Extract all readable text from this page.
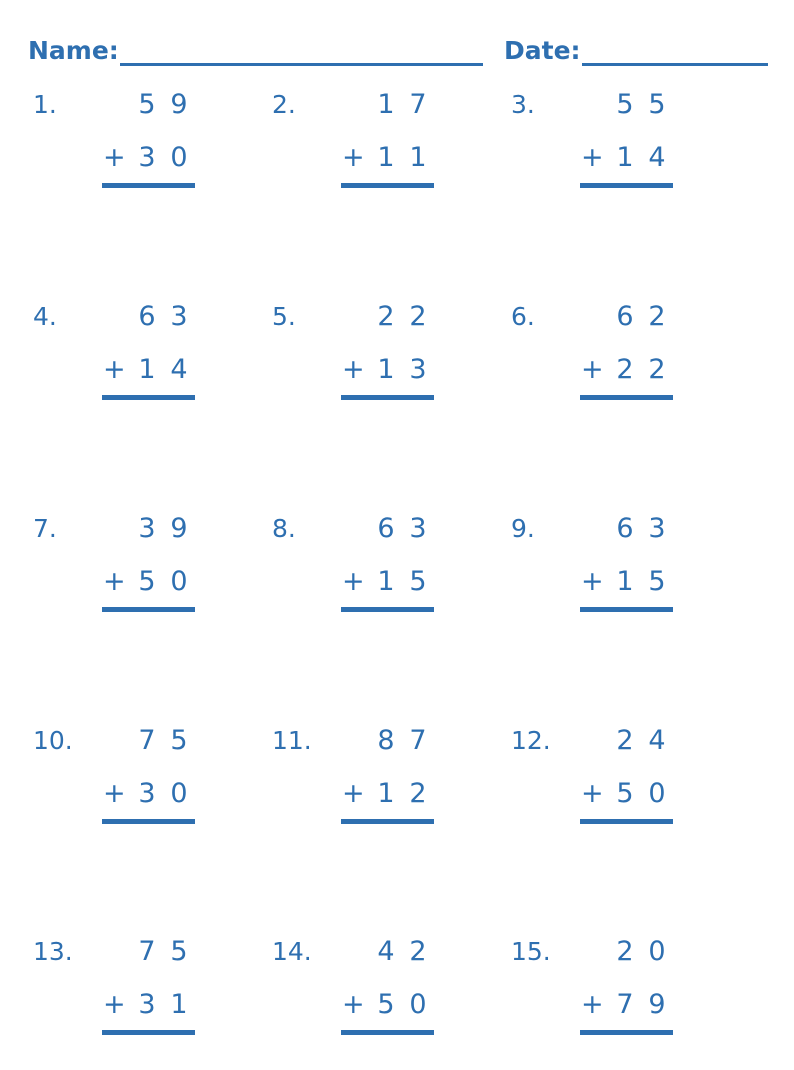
Name:	Date:
1.	5 9
+ 3 0
2.	1 7
+ 1 1
3.	5 5
+ 1 4
4.	6 3
+ 1 4
5.	2 2
+ 1 3
6.	6 2
+ 2 2
7.	3 9
+ 5 0
8.	6 3
+ 1 5
9.	6 3
+ 1 5
10. 7 5
+ 3 0
11. 8 7
+ 1 2
12. 2 4
+ 5 0
13. 7 5
+ 3 1
14. 4 2
+ 5 0
15. 2 0
+ 7 9
